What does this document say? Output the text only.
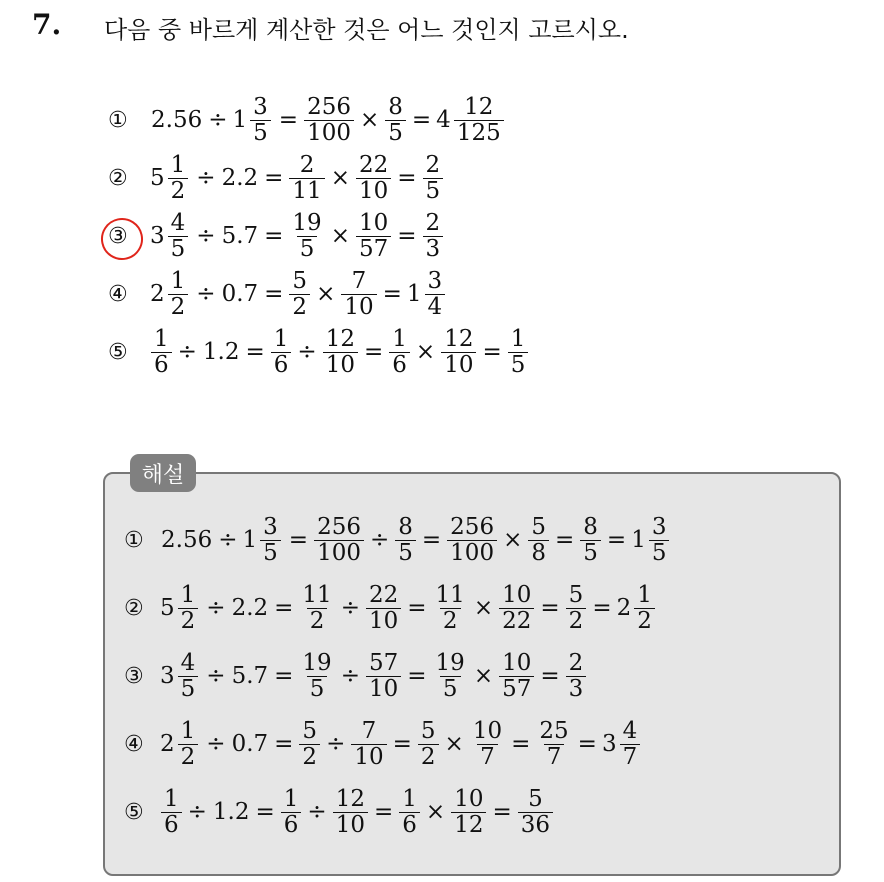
7. 다음 중 바르게 계산한 것은 어느 것인지 고르시오.
①	$2.56 \div 1 \frac{3}{5} = \frac{256}{100} \times \frac{8}{5} = 4 \frac{12}{125}$
② $5 \frac{1}{2} \div 2.2 = \frac{2}{11} \times \frac{22}{10} = \frac{2}{5}$
③ $3 \frac{4}{5} \div 5.7 = \frac{19}{5} \times \frac{10}{57} = \frac{2}{3}$
④ $2 \frac{1}{2} \div 0.7 = \frac{5}{2} \times \frac{7}{10} = 1 \frac{3}{4}$
⑤	$\frac{1}{6} \div 1.2 = \frac{1}{6} \div \frac{12}{10} = \frac{1}{6} \times \frac{12}{10} = \frac{1}{5}$
해설
① $2.56 \div 1 \frac{3}{5} = \frac{256}{100} \div \frac{8}{5} = \frac{256}{100} \times \frac{5}{8} = \frac{8}{5} = 1 \frac{3}{5}$
② $5 \frac{1}{2} \div 2.2 = \frac{11}{2} \div \frac{22}{10} = \frac{11}{2} \times \frac{10}{22} = \frac{5}{2} = 2 \frac{1}{2}$
③ $3 \frac{4}{5} \div 5.7 = \frac{19}{5} \div \frac{57}{10} = \frac{19}{5} \times \frac{10}{57} = \frac{2}{3}$
④ $2 \frac{1}{2} \div 0.7 = \frac{5}{2} \div \frac{7}{10} = \frac{5}{2} \times \frac{10}{7} = \frac{25}{7} = 3 \frac{4}{7}$
⑤ $\frac{1}{6} \div 1.2 = \frac{1}{6} \div \frac{12}{10} = \frac{1}{6} \times \frac{10}{12} = \frac{5}{36}$
